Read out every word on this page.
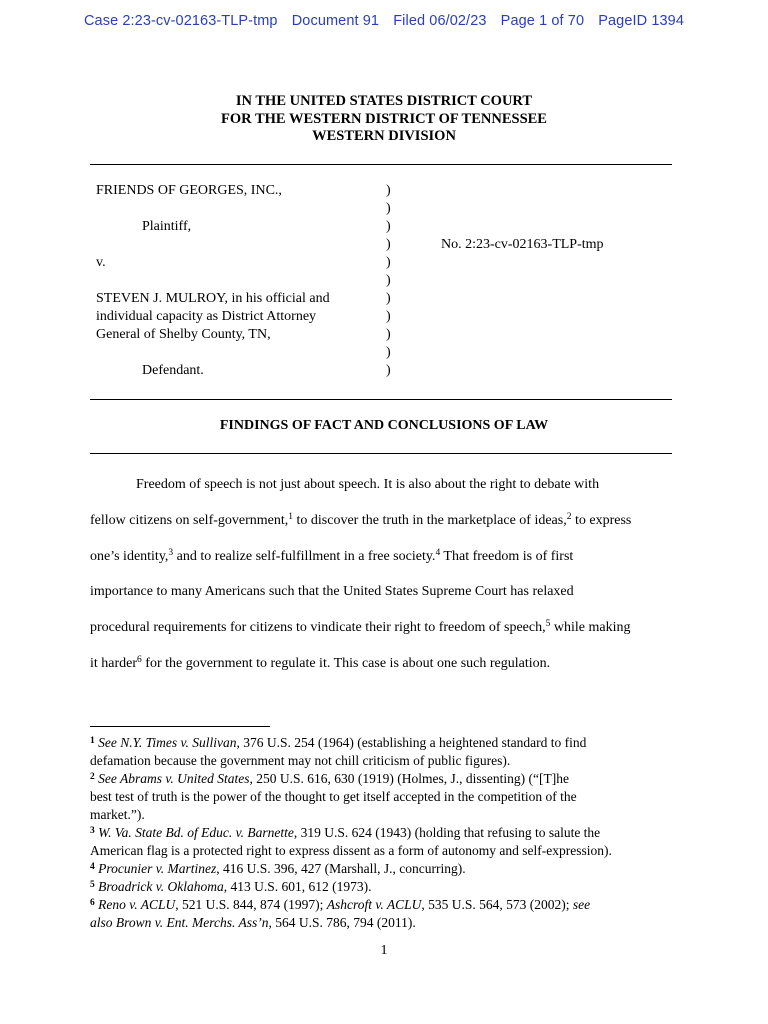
Case 2:23-cv-02163-TLP-tmp Document 91 Filed 06/02/23 Page 1 of 70 PageID 1394
IN THE UNITED STATES DISTRICT COURT
FOR THE WESTERN DISTRICT OF TENNESSEE
WESTERN DIVISION
FRIENDS OF GEORGES, INC.,
Plaintiff,
v.
STEVEN J. MULROY, in his official and
individual capacity as District Attorney
General of Shelby County, TN,
Defendant.
)
)
)
)
)
)
)
)
)
)
)
No. 2:23-cv-02163-TLP-tmp
FINDINGS OF FACT AND CONCLUSIONS OF LAW
Freedom of speech is not just about speech. It is also about the right to debate with
fellow citizens on self-government,$^1$ to discover the truth in the marketplace of ideas,$^2$ to express
one’s identity,$^3$ and to realize self-fulfillment in a free society.$^4$ That freedom is of first
importance to many Americans such that the United States Supreme Court has relaxed
procedural requirements for citizens to vindicate their right to freedom of speech,$^5$ while making
it harder$^6$ for the government to regulate it. This case is about one such regulation.
$^1$ See N.Y. Times v. Sullivan, 376 U.S. 254 (1964) (establishing a heightened standard to find
defamation because the government may not chill criticism of public figures).
$^2$ See Abrams v. United States, 250 U.S. 616, 630 (1919) (Holmes, J., dissenting) (“[T]he
best test of truth is the power of the thought to get itself accepted in the competition of the
market.”).
$^3$ W. Va. State Bd. of Educ. v. Barnette, 319 U.S. 624 (1943) (holding that refusing to salute the
American flag is a protected right to express dissent as a form of autonomy and self-expression).
$^4$ Procunier v. Martinez, 416 U.S. 396, 427 (Marshall, J., concurring).
$^5$ Broadrick v. Oklahoma, 413 U.S. 601, 612 (1973).
$^6$ Reno v. ACLU, 521 U.S. 844, 874 (1997); Ashcroft v. ACLU, 535 U.S. 564, 573 (2002); see
also Brown v. Ent. Merchs. Ass’n, 564 U.S. 786, 794 (2011).
1
